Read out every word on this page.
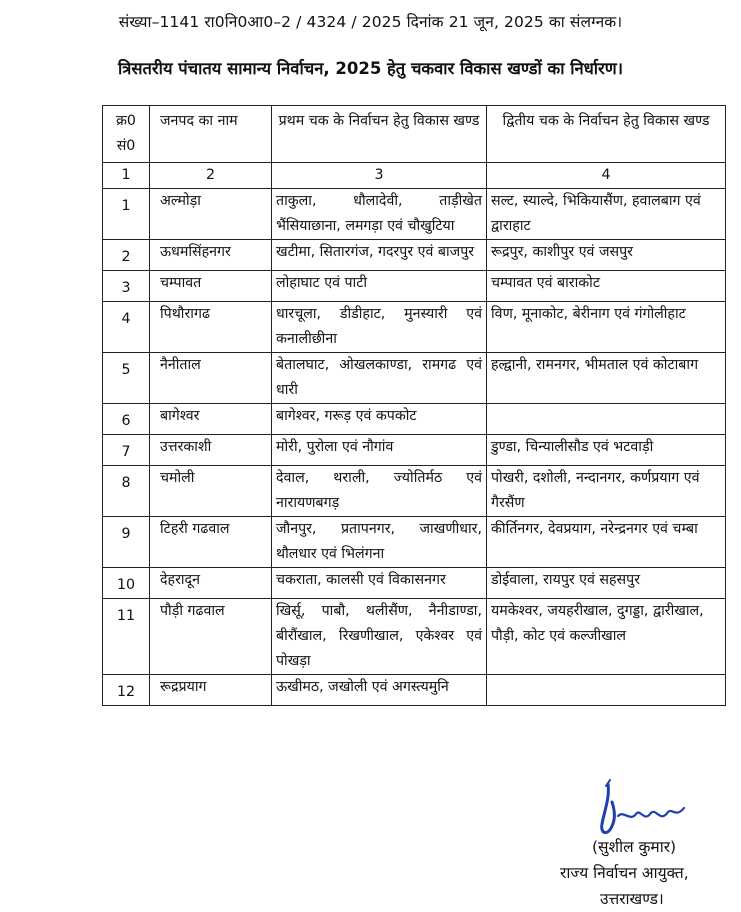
संख्या–1141 रा0नि0आ0–2 / 4324 / 2025 दिनांक 21 जून, 2025 का संलग्नक।
त्रिसतरीय पंचातय सामान्य निर्वाचन, 2025 हेतु चकवार विकास खण्डों का निर्धारण।
क्र0 सं0	जनपद का नाम	प्रथम चक के निर्वाचन हेतु विकास खण्ड	द्वितीय चक के निर्वाचन हेतु विकास खण्ड
1	2	3	4
1	अल्मोड़ा	ताकुला, धौलादेवी, ताड़ीखेत भैंसियाछाना, लमगड़ा एवं चौखुटिया	सल्ट, स्याल्दे, भिकियासैंण, हवालबाग एवं द्वाराहाट
2	ऊधमसिंहनगर	खटीमा, सितारगंज, गदरपुर एवं बाजपुर	रूद्रपुर, काशीपुर एवं जसपुर
3	चम्पावत	लोहाघाट एवं पाटी	चम्पावत एवं बाराकोट
4	पिथौरागढ	धारचूला, डीडीहाट, मुनस्यारी एवं कनालीछीना	विण, मूनाकोट, बेरीनाग एवं गंगोलीहाट
5	नैनीताल	बेतालघाट, ओखलकाण्डा, रामगढ एवं धारी	हल्द्वानी, रामनगर, भीमताल एवं कोटाबाग
6	बागेश्वर	बागेश्वर, गरूड़ एवं कपकोट	
7	उत्तरकाशी	मोरी, पुरोला एवं नौगांव	डुण्डा, चिन्यालीसौड एवं भटवाड़ी
8	चमोली	देवाल, थराली, ज्योतिर्मठ एवं नारायणबगड़	पोखरी, दशोली, नन्दानगर, कर्णप्रयाग एवं गैरसैंण
9	टिहरी गढवाल	जौनपुर, प्रतापनगर, जाखणीधार, थौलधार एवं भिलंगना	कीर्तिनगर, देवप्रयाग, नरेन्द्रनगर एवं चम्बा
10	देहरादून	चकराता, कालसी एवं विकासनगर	डोईवाला, रायपुर एवं सहसपुर
11	पौड़ी गढवाल	खिर्सू, पाबौ, थलीसैंण, नैनीडाण्डा, बीरौंखाल, रिखणीखाल, एकेश्वर एवं पोखड़ा	यमकेश्वर, जयहरीखाल, दुगड्डा, द्वारीखाल, पौड़ी, कोट एवं कल्जीखाल
12	रूद्रप्रयाग	ऊखीमठ, जखोली एवं अगस्त्यमुनि	
(सुशील कुमार)
राज्य निर्वाचन आयुक्त,
उत्तराखण्ड।
